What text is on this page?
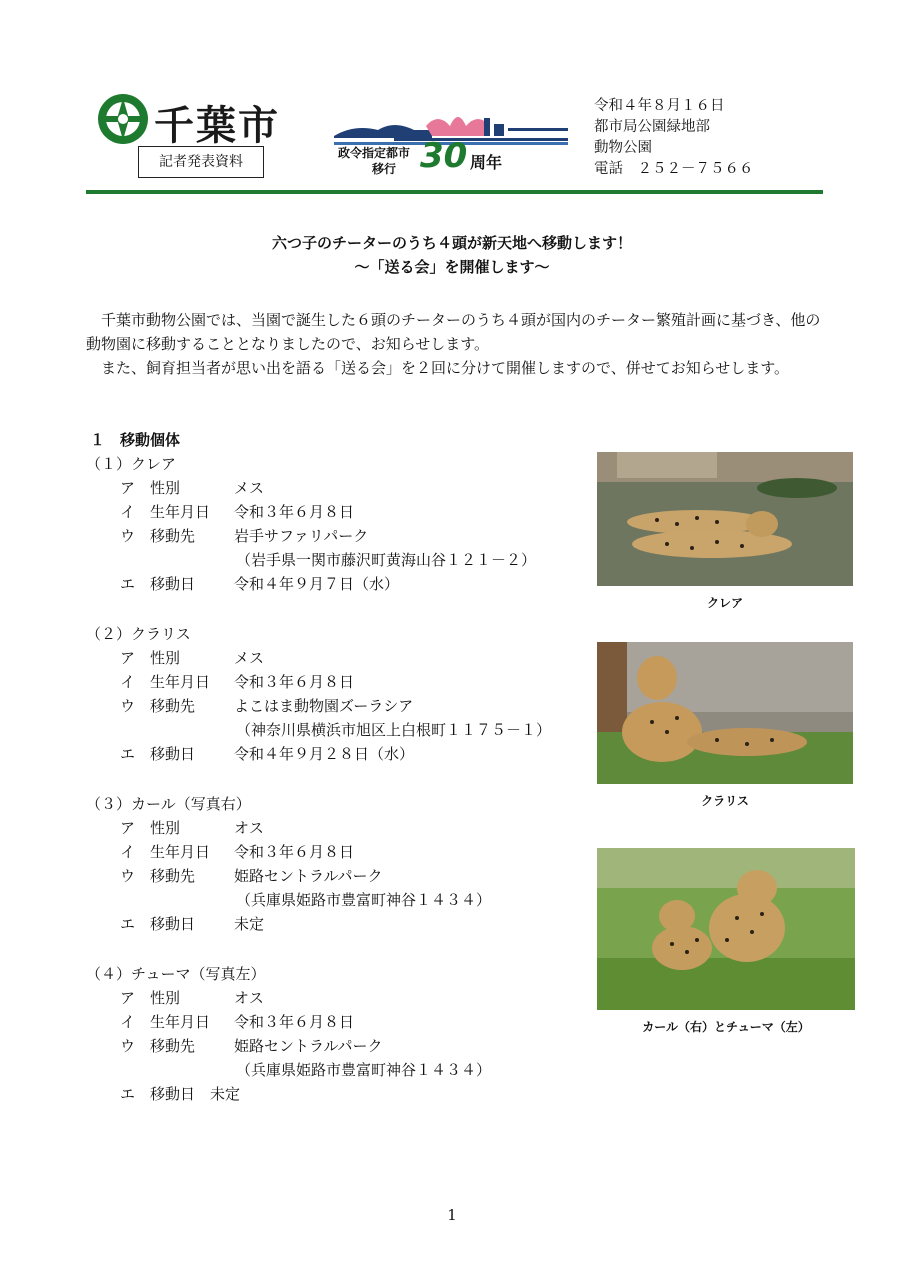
千葉市
記者発表資料
政令指定都市
移行 30 周年
令和４年８月１６日
都市局公園緑地部
動物公園
電話　２５２－７５６６
六つ子のチーターのうち４頭が新天地へ移動します！
～「送る会」を開催します～
千葉市動物公園では、当園で誕生した６頭のチーターのうち４頭が国内のチーター繁殖計画に基づき、他の動物園に移動することとなりましたので、お知らせします。
また、飼育担当者が思い出を語る「送る会」を２回に分けて開催しますので、併せてお知らせします。
１　移動個体
（１）クレア
ア 性別	メス
イ 生年月日 令和３年６月８日
ウ 移動先	岩手サファリパーク
（岩手県一関市藤沢町黄海山谷１２１－２）
エ 移動日	令和４年９月７日（水）
（２）クラリス
ア 性別	メス
イ 生年月日 令和３年６月８日
ウ 移動先	よこはま動物園ズーラシア
（神奈川県横浜市旭区上白根町１１７５－１）
エ 移動日	令和４年９月２８日（水）
（３）カール（写真右）
ア 性別	オス
イ 生年月日 令和３年６月８日
ウ 移動先	姫路セントラルパーク
（兵庫県姫路市豊富町神谷１４３４）
エ 移動日	未定
（４）チューマ（写真左）
ア 性別	オス
イ 生年月日 令和３年６月８日
ウ 移動先	姫路セントラルパーク
（兵庫県姫路市豊富町神谷１４３４）
エ 移動日　未定
クレア
クラリス
カール（右）とチューマ（左）
1
